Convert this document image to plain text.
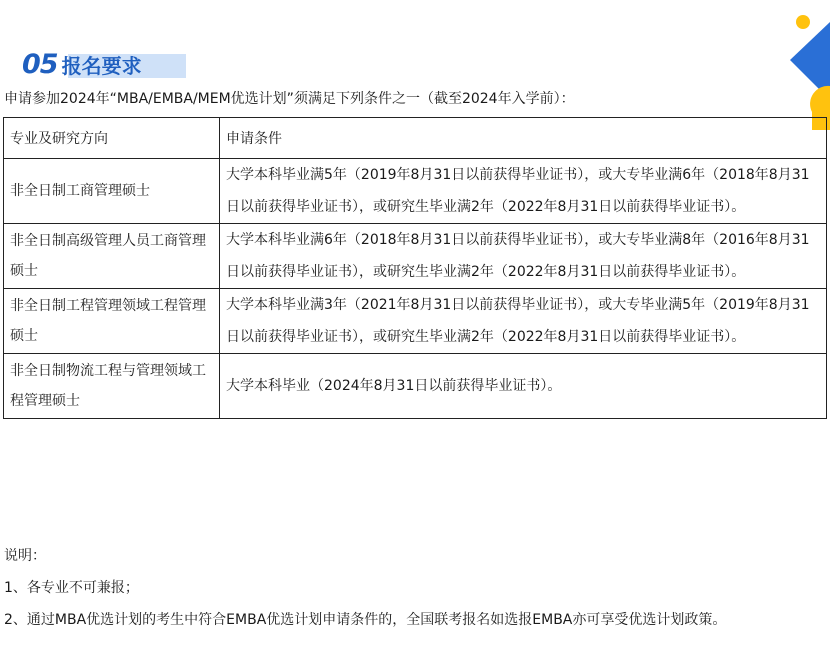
05 报名要求
申请参加2024年“MBA/EMBA/MEM优选计划”须满足下列条件之一（截至2024年入学前）：
专业及研究方向	申请条件
非全日制工商管理硕士	大学本科毕业满5年（2019年8月31日以前获得毕业证书），或大专毕业满6年（2018年8月31日以前获得毕业证书），或研究生毕业满2年（2022年8月31日以前获得毕业证书）。
非全日制高级管理人员工商管理硕士	大学本科毕业满6年（2018年8月31日以前获得毕业证书），或大专毕业满8年（2016年8月31日以前获得毕业证书），或研究生毕业满2年（2022年8月31日以前获得毕业证书）。
非全日制工程管理领域工程管理硕士	大学本科毕业满3年（2021年8月31日以前获得毕业证书），或大专毕业满5年（2019年8月31日以前获得毕业证书），或研究生毕业满2年（2022年8月31日以前获得毕业证书）。
非全日制物流工程与管理领域工程管理硕士	大学本科毕业（2024年8月31日以前获得毕业证书）。

说明：

1、各专业不可兼报；

2、通过MBA优选计划的考生中符合EMBA优选计划申请条件的，全国联考报名如选报EMBA亦可享受优选计划政策。
